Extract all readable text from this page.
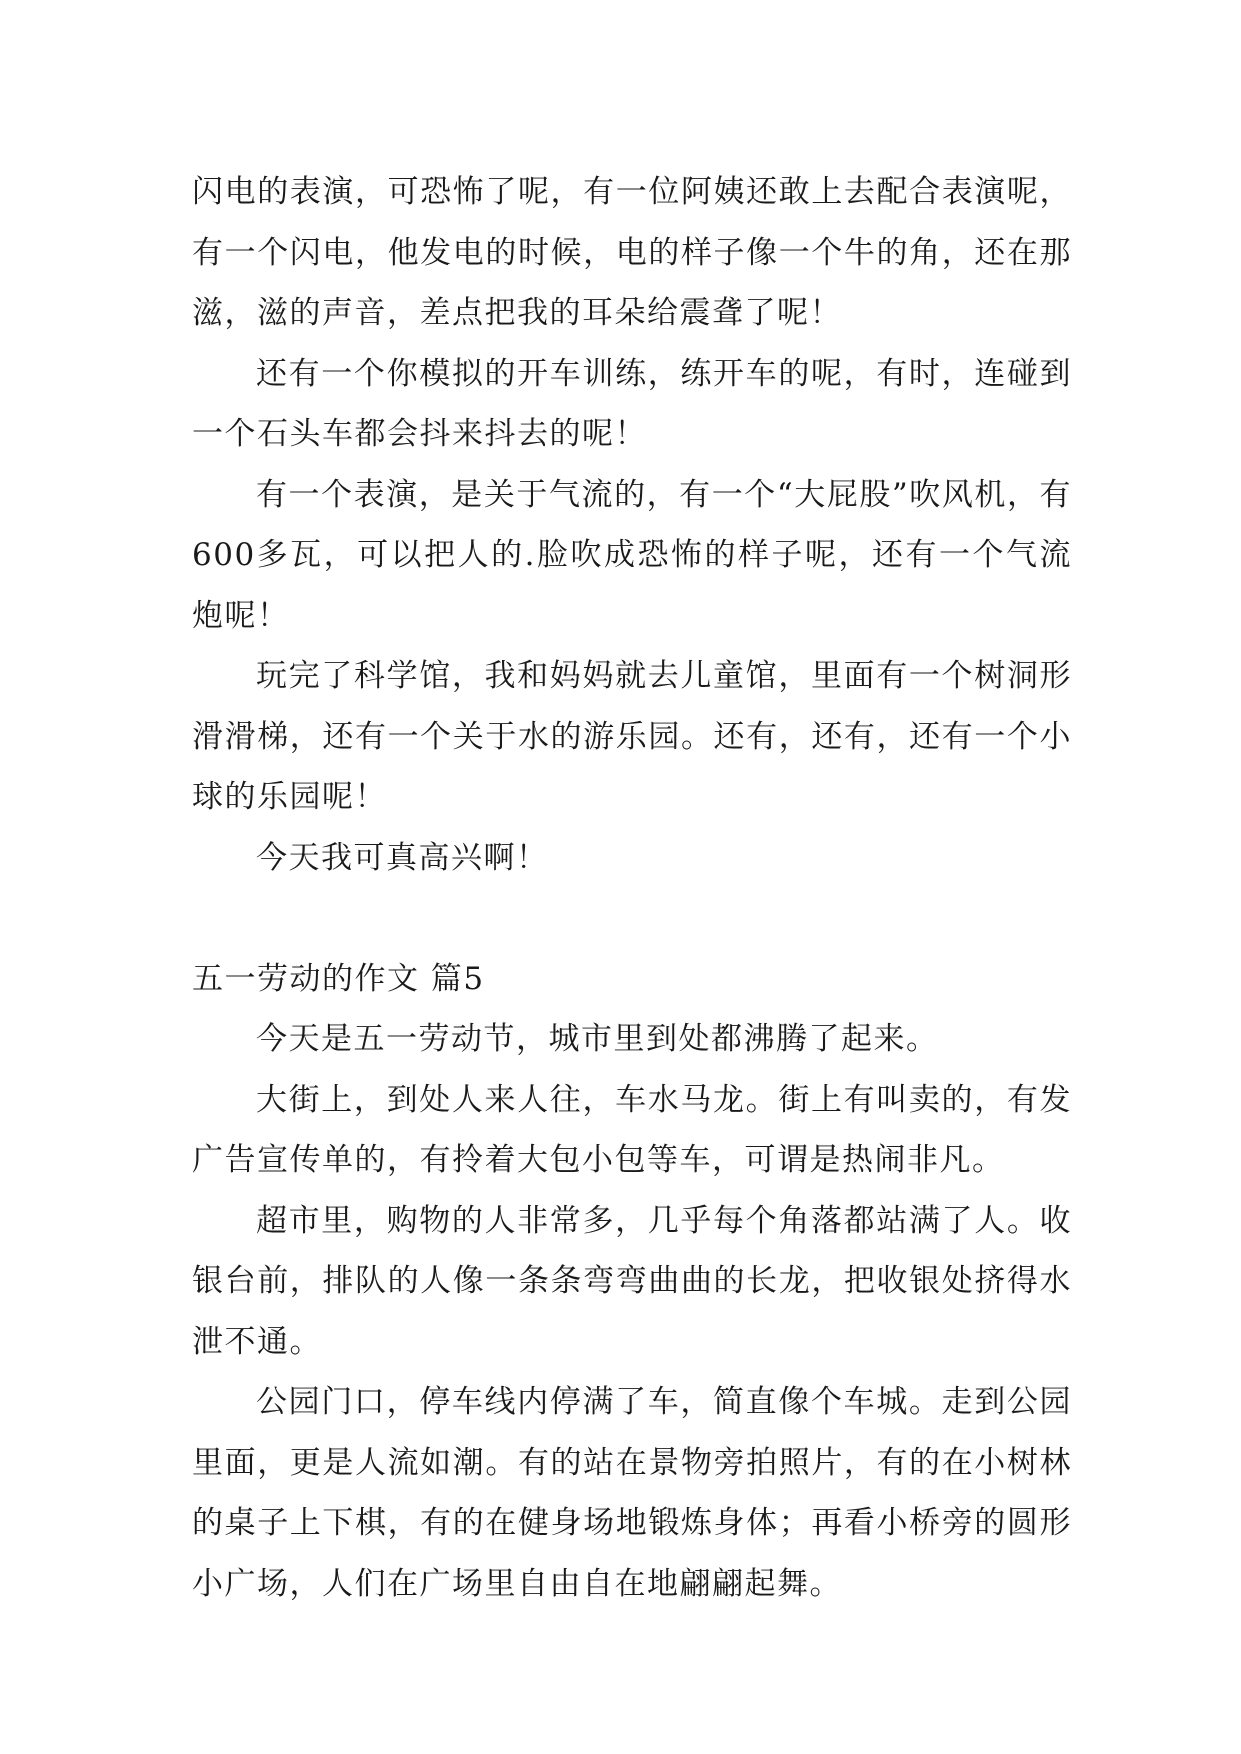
闪电的表演，可恐怖了呢，有一位阿姨还敢上去配合表演呢，有一个闪电，他发电的时候，电的样子像一个牛的角，还在那滋，滋的声音，差点把我的耳朵给震聋了呢！

还有一个你模拟的开车训练，练开车的呢，有时，连碰到一个石头车都会抖来抖去的呢！

有一个表演，是关于气流的，有一个“大屁股”吹风机，有600多瓦，可以把人的.脸吹成恐怖的样子呢，还有一个气流炮呢！

玩完了科学馆，我和妈妈就去儿童馆，里面有一个树洞形滑滑梯，还有一个关于水的游乐园。还有，还有，还有一个小球的乐园呢！

今天我可真高兴啊！

五一劳动的作文 篇5

今天是五一劳动节，城市里到处都沸腾了起来。

大街上，到处人来人往，车水马龙。街上有叫卖的，有发广告宣传单的，有拎着大包小包等车，可谓是热闹非凡。

超市里，购物的人非常多，几乎每个角落都站满了人。收银台前，排队的人像一条条弯弯曲曲的长龙，把收银处挤得水泄不通。

公园门口，停车线内停满了车，简直像个车城。走到公园里面，更是人流如潮。有的站在景物旁拍照片，有的在小树林的桌子上下棋，有的在健身场地锻炼身体；再看小桥旁的圆形小广场，人们在广场里自由自在地翩翩起舞。
